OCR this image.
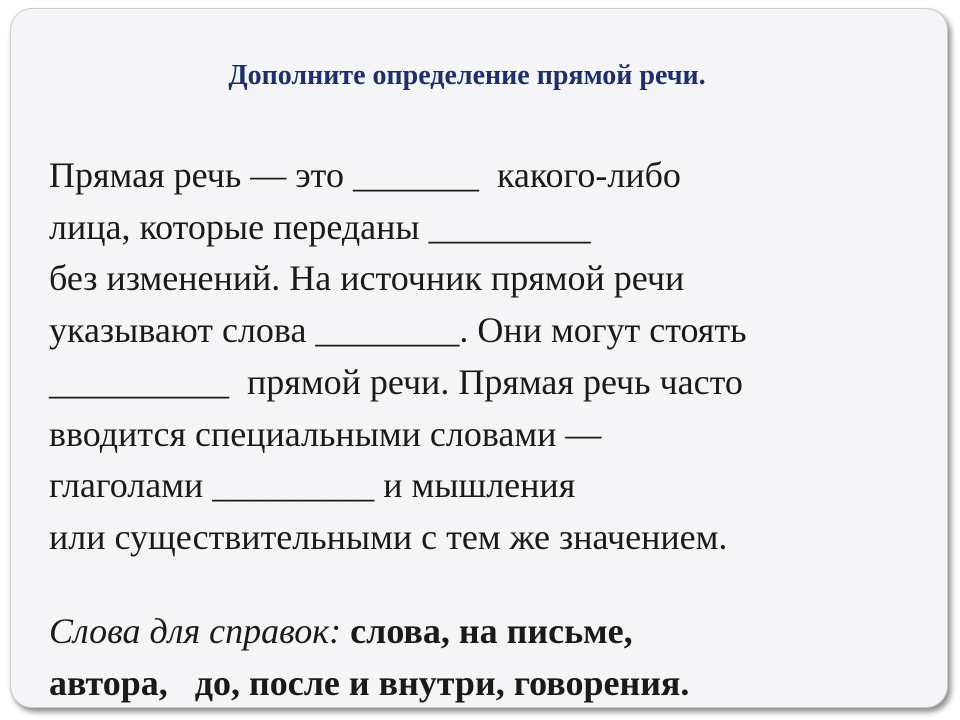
Дополните определение прямой речи.
Прямая речь — это _______  какого-либо
лица, которые переданы _________
без изменений. На источник прямой речи
указывают слова ________. Они могут стоять
__________  прямой речи. Прямая речь часто
вводится специальными словами —
глаголами _________ и мышления
или существительными с тем же значением.
Слова для справок: слова, на письме,
автора,   до, после и внутри, говорения.
